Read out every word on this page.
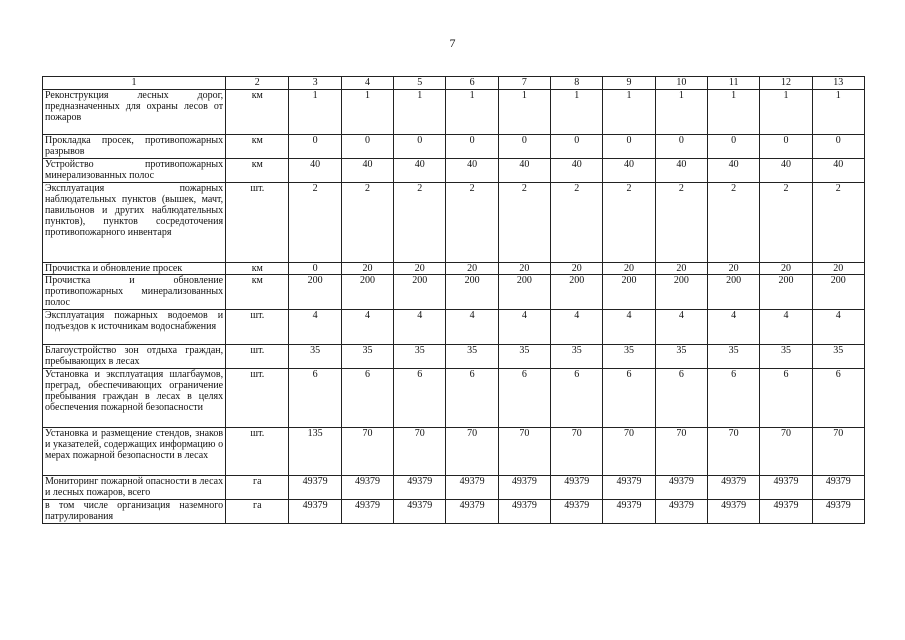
7
1	2	3	4	5	6	7	8	9	10	11	12	13
Реконструкция лесных дорог, предназначенных для охраны лесов от пожаров	км	1	1	1	1	1	1	1	1	1	1	1
Прокладка просек, противопожарных разрывов	км	0	0	0	0	0	0	0	0	0	0	0
Устройство противопожарных минерализованных полос	км	40	40	40	40	40	40	40	40	40	40	40
Эксплуатация пожарных наблюдательных пунктов (вышек, мачт, павильонов и других наблюдательных пунктов), пунктов сосредоточения противопожарного инвентаря	шт.	2	2	2	2	2	2	2	2	2	2	2
Прочистка и обновление просек	км	0	20	20	20	20	20	20	20	20	20	20
Прочистка и обновление противопожарных минерализованных полос	км	200	200	200	200	200	200	200	200	200	200	200
Эксплуатация пожарных водоемов и подъездов к источникам водоснабжения	шт.	4	4	4	4	4	4	4	4	4	4	4
Благоустройство зон отдыха граждан, пребывающих в лесах	шт.	35	35	35	35	35	35	35	35	35	35	35
Установка и эксплуатация шлагбаумов, преград, обеспечивающих ограничение пребывания граждан в лесах в целях обеспечения пожарной безопасности	шт.	6	6	6	6	6	6	6	6	6	6	6
Установка и размещение стендов, знаков и указателей, содержащих информацию о мерах пожарной безопасности в лесах	шт.	135	70	70	70	70	70	70	70	70	70	70
Мониторинг пожарной опасности в лесах и лесных пожаров, всего	га	49379	49379	49379	49379	49379	49379	49379	49379	49379	49379	49379
в том числе организация наземного патрулирования	га	49379	49379	49379	49379	49379	49379	49379	49379	49379	49379	49379
